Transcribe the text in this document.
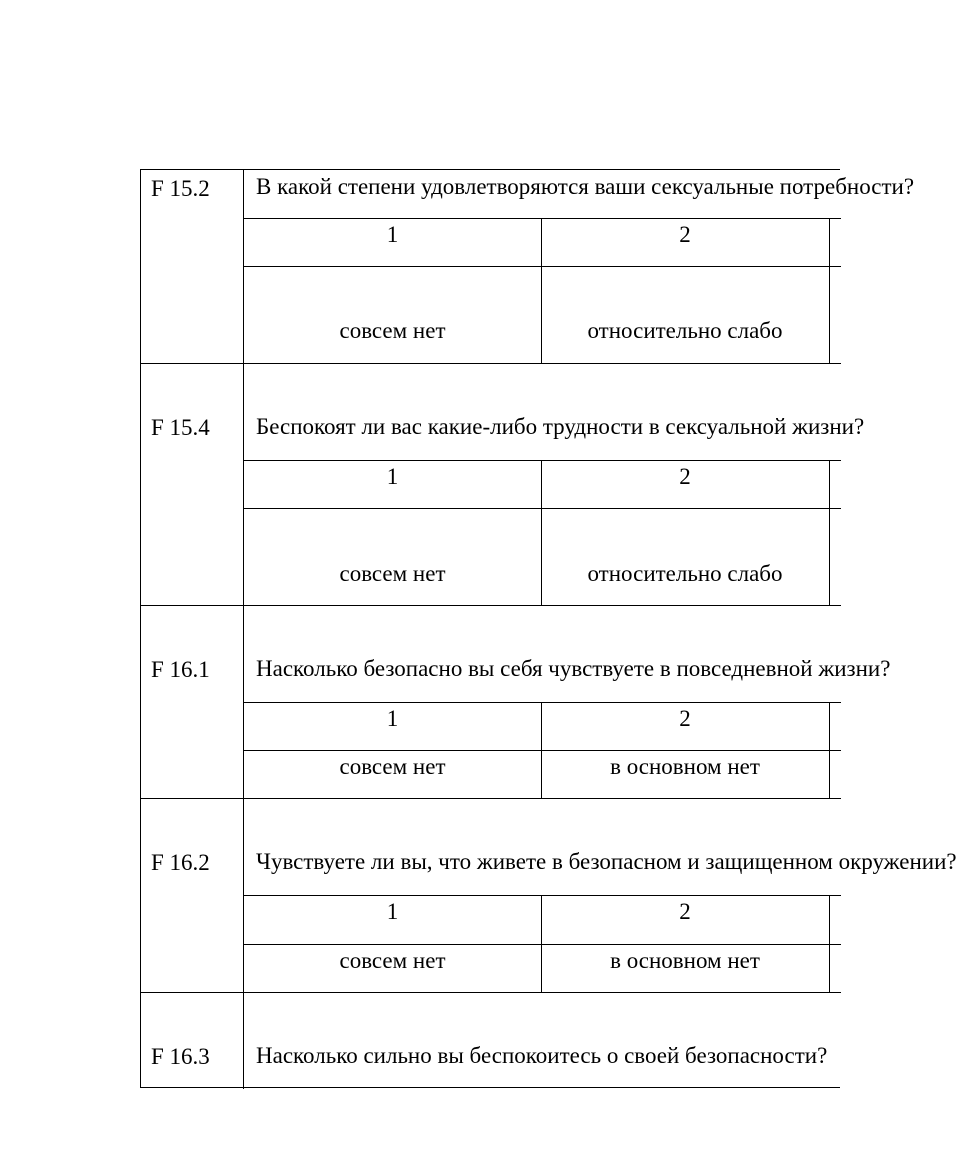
F 15.2	В какой степени удовлетворяются ваши сексуальные потребности?
1	2
совсем нет	относительно слабо
F 15.4	Беспокоят ли вас какие-либо трудности в сексуальной жизни?
1	2
совсем нет	относительно слабо
F 16.1	Насколько безопасно вы себя чувствуете в повседневной жизни?
1	2
совсем нет	в основном нет
F 16.2	Чувствуете ли вы, что живете в безопасном и защищенном окружении?
1	2
совсем нет	в основном нет
F 16.3	Насколько сильно вы беспокоитесь о своей безопасности?
